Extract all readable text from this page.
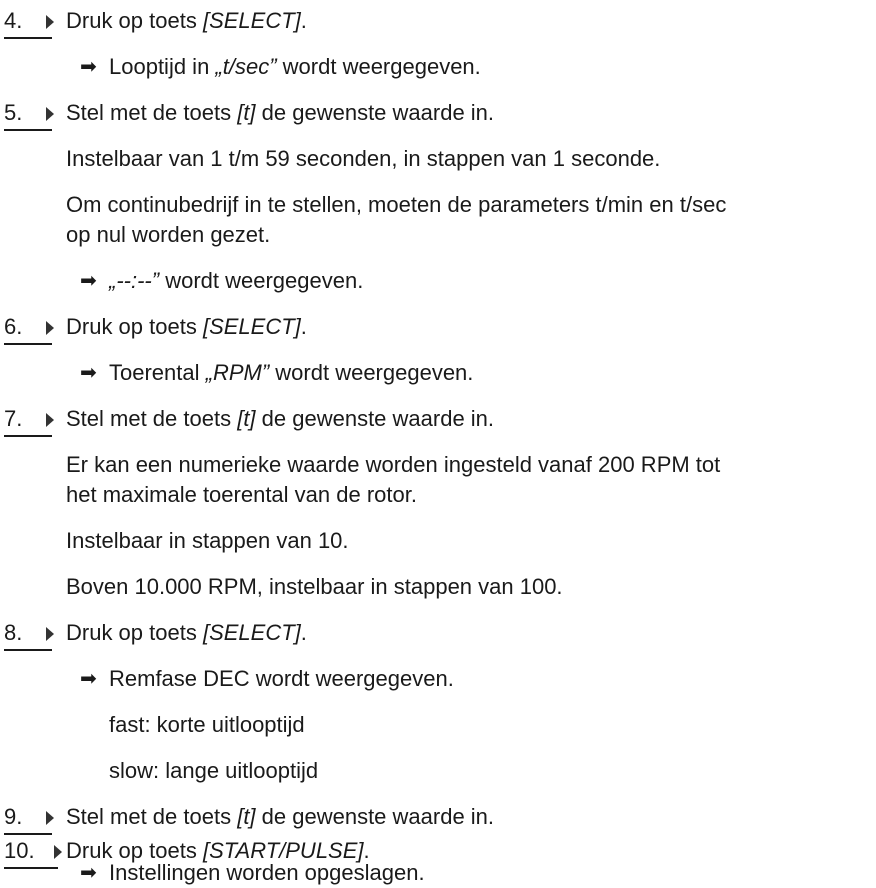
4. Druk op toets [SELECT].
➡ Looptijd in „t/sec” wordt weergegeven.
5. Stel met de toets [t] de gewenste waarde in.
Instelbaar van 1 t/m 59 seconden, in stappen van 1 seconde.
Om continubedrijf in te stellen, moeten de parameters t/min en t/sec
op nul worden gezet.
➡ „--:--” wordt weergegeven.
6. Druk op toets [SELECT].
➡ Toerental „RPM” wordt weergegeven.
7. Stel met de toets [t] de gewenste waarde in.
Er kan een numerieke waarde worden ingesteld vanaf 200 RPM tot
het maximale toerental van de rotor.
Instelbaar in stappen van 10.
Boven 10.000 RPM, instelbaar in stappen van 100.
8. Druk op toets [SELECT].
➡ Remfase DEC wordt weergegeven.
fast: korte uitlooptijd
slow: lange uitlooptijd
9. Stel met de toets [t] de gewenste waarde in.
10. Druk op toets [START/PULSE].
➡ Instellingen worden opgeslagen.
